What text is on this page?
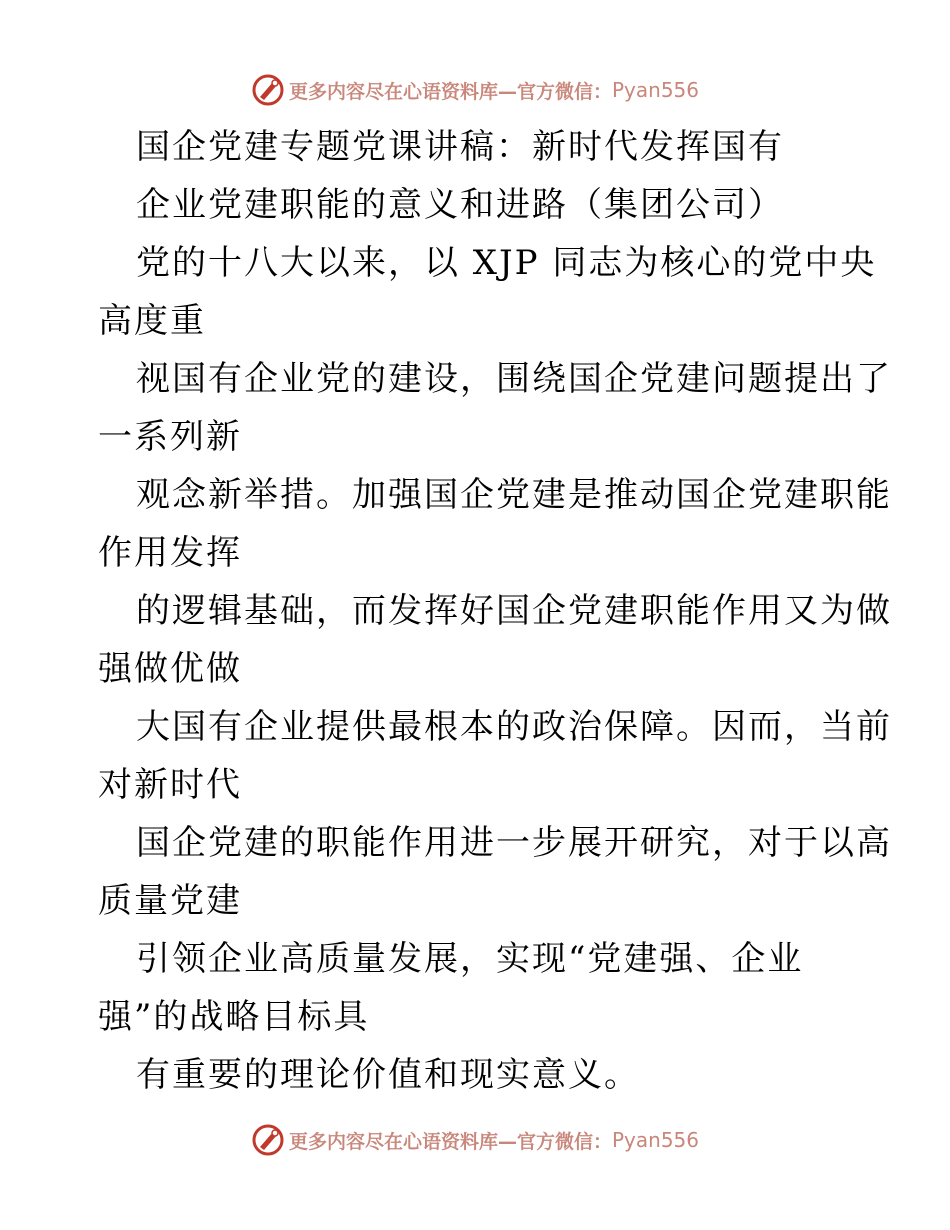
更多内容尽在心语资料库—官方微信： Pyan556
国企党建专题党课讲稿：新时代发挥国有
企业党建职能的意义和进路（集团公司）
党的十八大以来，以 XJP 同志为核心的党中央
高度重
视国有企业党的建设，围绕国企党建问题提出了
一系列新
观念新举措。加强国企党建是推动国企党建职能
作用发挥
的逻辑基础，而发挥好国企党建职能作用又为做
强做优做
大国有企业提供最根本的政治保障。因而，当前
对新时代
国企党建的职能作用进一步展开研究，对于以高
质量党建
引领企业高质量发展，实现“党建强、企业
强”的战略目标具
有重要的理论价值和现实意义。
更多内容尽在心语资料库—官方微信： Pyan556
